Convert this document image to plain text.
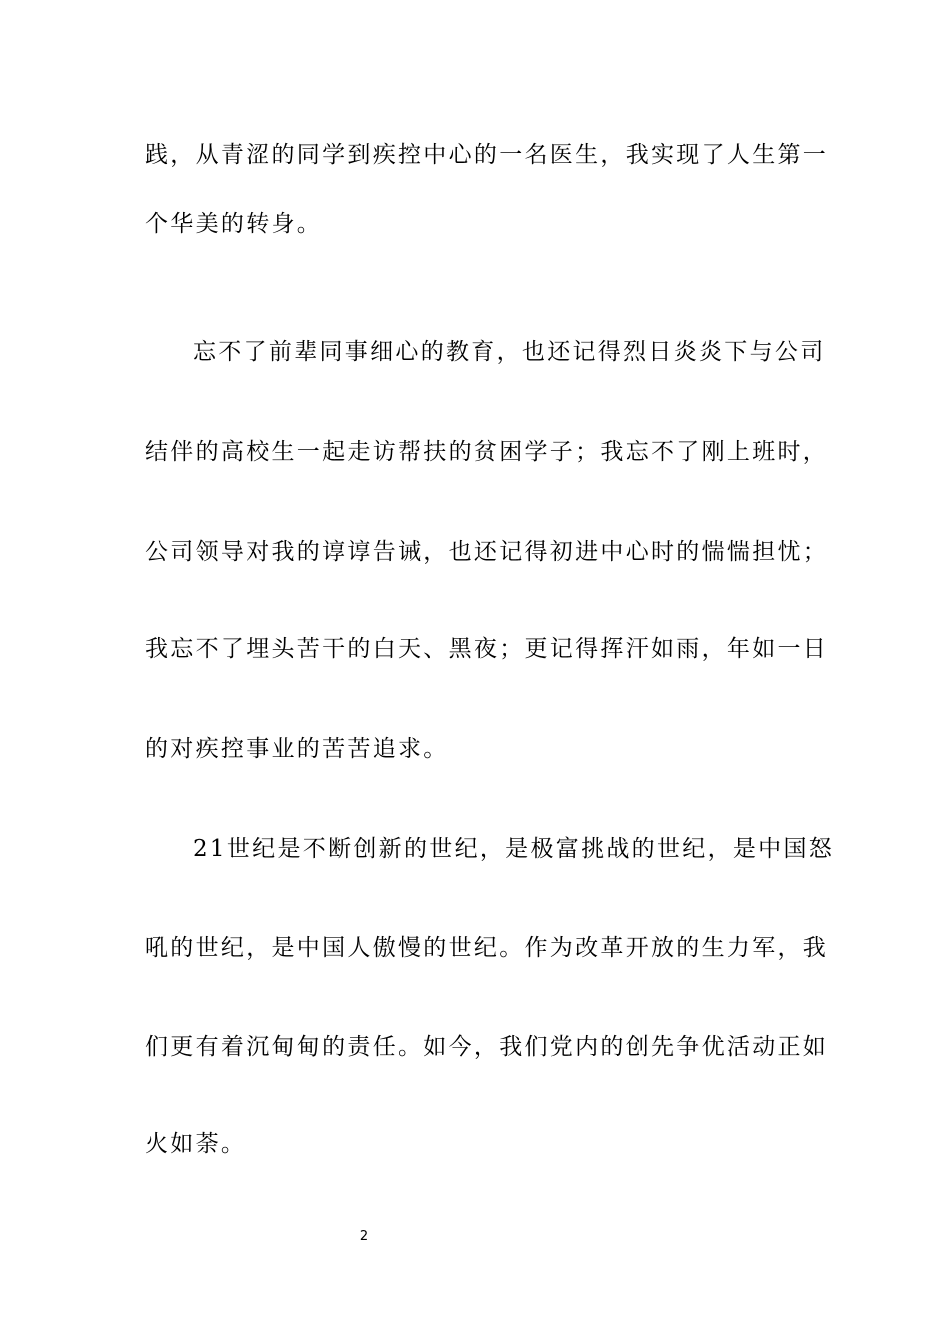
践，从青涩的同学到疾控中心的一名医生，我实现了人生第一
个华美的转身。
忘不了前辈同事细心的教育，也还记得烈日炎炎下与公司
结伴的高校生一起走访帮扶的贫困学子；我忘不了刚上班时，
公司领导对我的谆谆告诫，也还记得初进中心时的惴惴担忧；
我忘不了埋头苦干的白天、黑夜；更记得挥汗如雨，年如一日
的对疾控事业的苦苦追求。
21世纪是不断创新的世纪，是极富挑战的世纪，是中国怒
吼的世纪，是中国人傲慢的世纪。作为改革开放的生力军，我
们更有着沉甸甸的责任。如今，我们党内的创先争优活动正如
火如荼。
2
